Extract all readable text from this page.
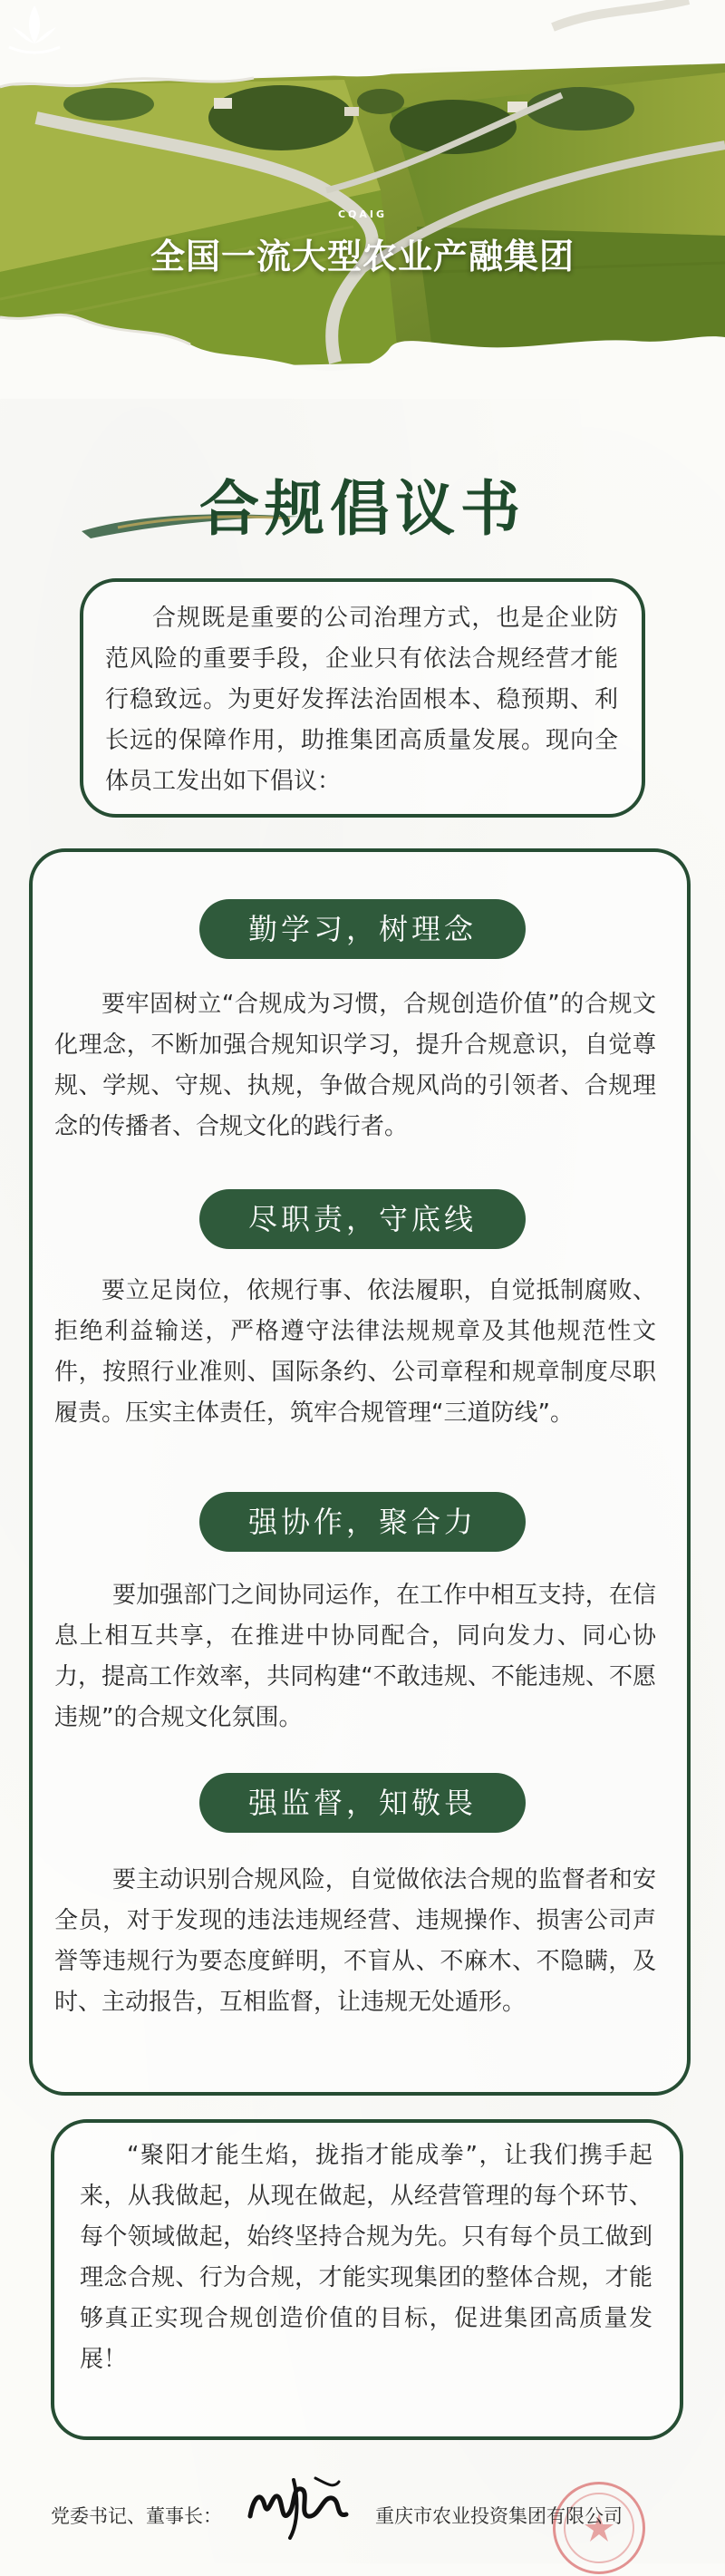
CQAIG
全国一流大型农业产融集团
合规倡议书
合规既是重要的公司治理方式，也是企业防范风险的重要手段，企业只有依法合规经营才能行稳致远。为更好发挥法治固根本、稳预期、利长远的保障作用，助推集团高质量发展。现向全体员工发出如下倡议：
勤学习，树理念
要牢固树立“合规成为习惯，合规创造价值”的合规文化理念，不断加强合规知识学习，提升合规意识，自觉尊规、学规、守规、执规，争做合规风尚的引领者、合规理念的传播者、合规文化的践行者。
尽职责，守底线
要立足岗位，依规行事、依法履职，自觉抵制腐败、拒绝利益输送，严格遵守法律法规规章及其他规范性文件，按照行业准则、国际条约、公司章程和规章制度尽职履责。压实主体责任，筑牢合规管理“三道防线”。
强协作，聚合力
要加强部门之间协同运作，在工作中相互支持，在信息上相互共享，在推进中协同配合，同向发力、同心协力，提高工作效率，共同构建“不敢违规、不能违规、不愿违规”的合规文化氛围。
强监督，知敬畏
要主动识别合规风险，自觉做依法合规的监督者和安全员，对于发现的违法违规经营、违规操作、损害公司声誉等违规行为要态度鲜明，不盲从、不麻木、不隐瞒，及时、主动报告，互相监督，让违规无处遁形。
“聚阳才能生焰，拢指才能成拳”，让我们携手起来，从我做起，从现在做起，从经营管理的每个环节、每个领域做起，始终坚持合规为先。只有每个员工做到理念合规、行为合规，才能实现集团的整体合规，才能够真正实现合规创造价值的目标，促进集团高质量发展！
党委书记、董事长：	重庆市农业投资集团有限公司
